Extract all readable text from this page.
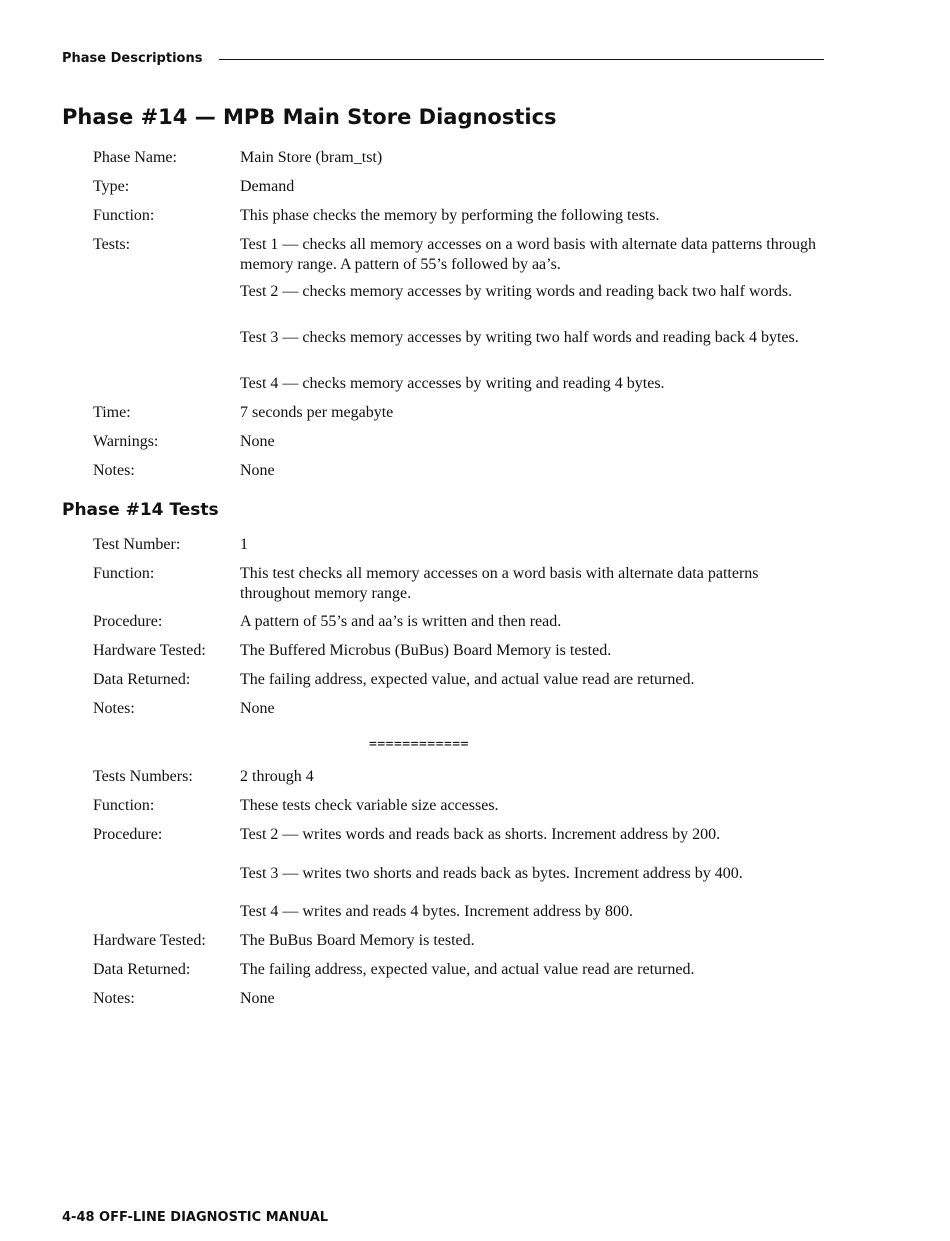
Phase Descriptions
Phase #14 — MPB Main Store Diagnostics
Phase Name:	Main Store (bram_tst)
Type:	Demand
Function:	This phase checks the memory by performing the following tests.
Tests:	Test 1 — checks all memory accesses on a word basis with alternate data patterns through memory range. A pattern of 55’s followed by aa’s.
Test 2 — checks memory accesses by writing words and reading back two half words.
Test 3 — checks memory accesses by writing two half words and reading back 4 bytes.
Test 4 — checks memory accesses by writing and reading 4 bytes.
Time:	7 seconds per megabyte
Warnings:	None
Notes:	None
Phase #14 Tests
Test Number:	1
Function:	This test checks all memory accesses on a word basis with alternate data patterns throughout memory range.
Procedure:	A pattern of 55’s and aa’s is written and then read.
Hardware Tested: The Buffered Microbus (BuBus) Board Memory is tested.
Data Returned:	The failing address, expected value, and actual value read are returned.
Notes:	None
============
Tests Numbers:	2 through 4
Function:	These tests check variable size accesses.
Procedure:	Test 2 — writes words and reads back as shorts. Increment address by 200.
Test 3 — writes two shorts and reads back as bytes. Increment address by 400.
Test 4 — writes and reads 4 bytes. Increment address by 800.
Hardware Tested: The BuBus Board Memory is tested.
Data Returned:	The failing address, expected value, and actual value read are returned.
Notes:	None
4-48 OFF-LINE DIAGNOSTIC MANUAL
